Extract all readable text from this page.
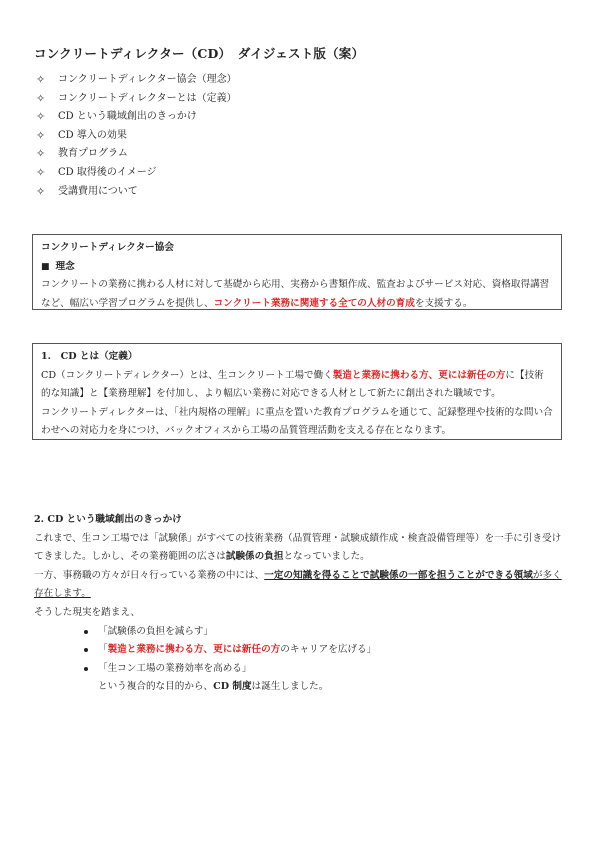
コンクリートディレクター（CD）　ダイジェスト版（案）
✧	コンクリートディレクター協会（理念）
✧	コンクリートディレクターとは（定義）
✧	CD という職域創出のきっかけ
✧	CD 導入の効果
✧	教育プログラム
✧	CD 取得後のイメージ
✧	受講費用について
コンクリートディレクター協会
■ 理念
コンクリートの業務に携わる人材に対して基礎から応用、実務から書類作成、監査およびサービス対応、資格取得講習など、幅広い学習プログラムを提供し、コンクリート業務に関連する全ての人材の育成を支援する。
1.　CD とは（定義）
CD（コンクリートディレクター）とは、生コンクリート工場で働く製造と業務に携わる方、更には新任の方に【技術的な知識】と【業務理解】を付加し、より幅広い業務に対応できる人材として新たに創出された職域です。
コンクリートディレクターは、「社内規格の理解」に重点を置いた教育プログラムを通じて、記録整理や技術的な問い合わせへの対応力を身につけ、バックオフィスから工場の品質管理活動を支える存在となります。

2. CD という職域創出のきっかけ

これまで、生コン工場では「試験係」がすべての技術業務（品質管理・試験成績作成・検査設備管理等）を一手に引き受けてきました。しかし、その業務範囲の広さは試験係の負担となっていました。

一方、事務職の方々が日々行っている業務の中には、一定の知識を得ることで試験係の一部を担うことができる領域が多く存在します。

そうした現実を踏まえ、

「試験係の負担を減らす」
「製造と業務に携わる方、更には新任の方のキャリアを広げる」
「生コン工場の業務効率を高める」

という複合的な目的から、CD 制度は誕生しました。
